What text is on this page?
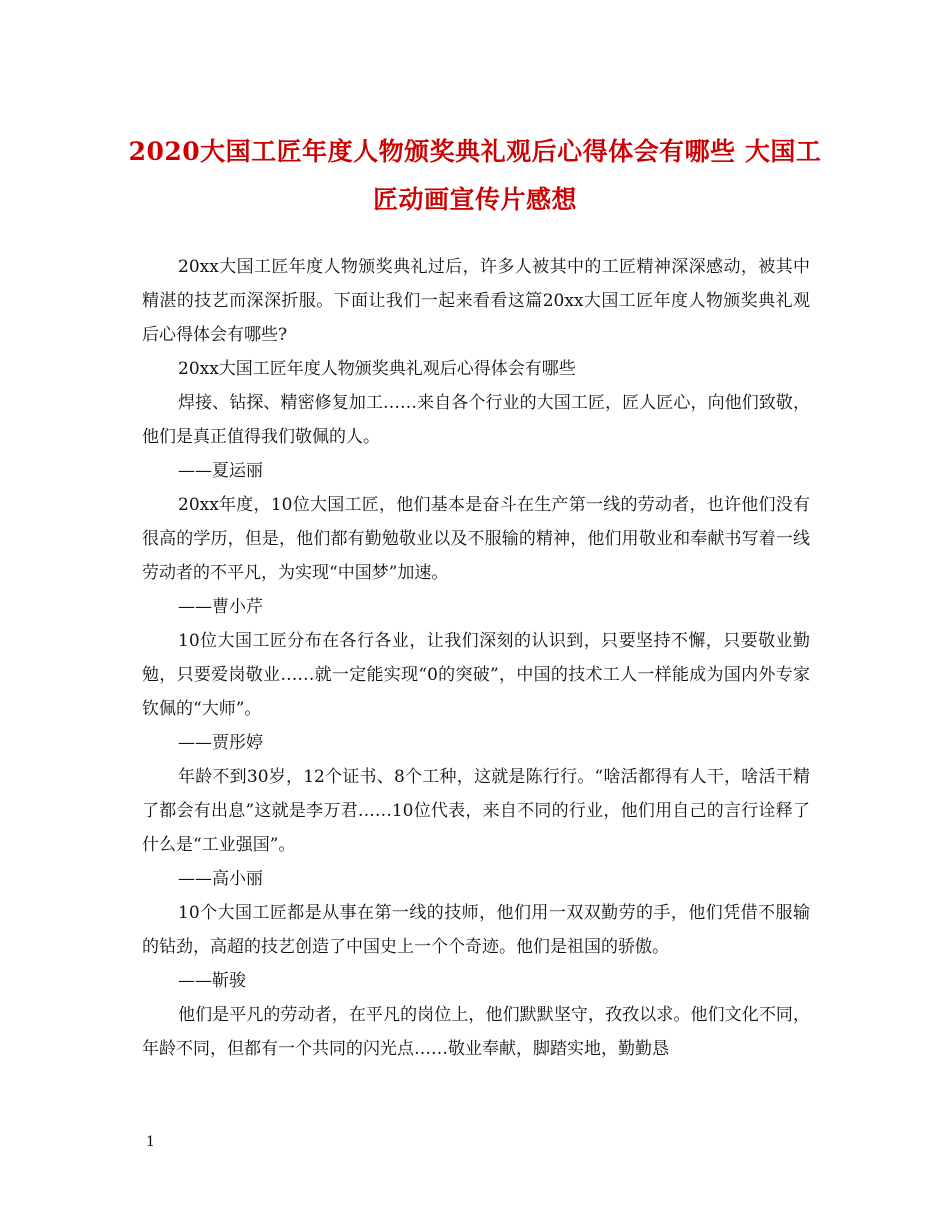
2020大国工匠年度人物颁奖典礼观后心得体会有哪些 大国工匠动画宣传片感想

20xx大国工匠年度人物颁奖典礼过后，许多人被其中的工匠精神深深感动，被其中精湛的技艺而深深折服。下面让我们一起来看看这篇20xx大国工匠年度人物颁奖典礼观后心得体会有哪些?

20xx大国工匠年度人物颁奖典礼观后心得体会有哪些

焊接、钻探、精密修复加工……来自各个行业的大国工匠，匠人匠心，向他们致敬，他们是真正值得我们敬佩的人。

——夏运丽

20xx年度，10位大国工匠，他们基本是奋斗在生产第一线的劳动者，也许他们没有很高的学历，但是，他们都有勤勉敬业以及不服输的精神，他们用敬业和奉献书写着一线劳动者的不平凡，为实现“中国梦”加速。

——曹小芹

10位大国工匠分布在各行各业，让我们深刻的认识到，只要坚持不懈，只要敬业勤勉，只要爱岗敬业……就一定能实现“0的突破”，中国的技术工人一样能成为国内外专家钦佩的“大师”。

——贾彤婷

年龄不到30岁，12个证书、8个工种，这就是陈行行。“啥活都得有人干，啥活干精了都会有出息”这就是李万君……10位代表，来自不同的行业，他们用自己的言行诠释了什么是“工业强国”。

——高小丽

10个大国工匠都是从事在第一线的技师，他们用一双双勤劳的手，他们凭借不服输的钻劲，高超的技艺创造了中国史上一个个奇迹。他们是祖国的骄傲。

——靳骏

他们是平凡的劳动者，在平凡的岗位上，他们默默坚守，孜孜以求。他们文化不同，年龄不同，但都有一个共同的闪光点……敬业奉献，脚踏实地，勤勤恳

1
